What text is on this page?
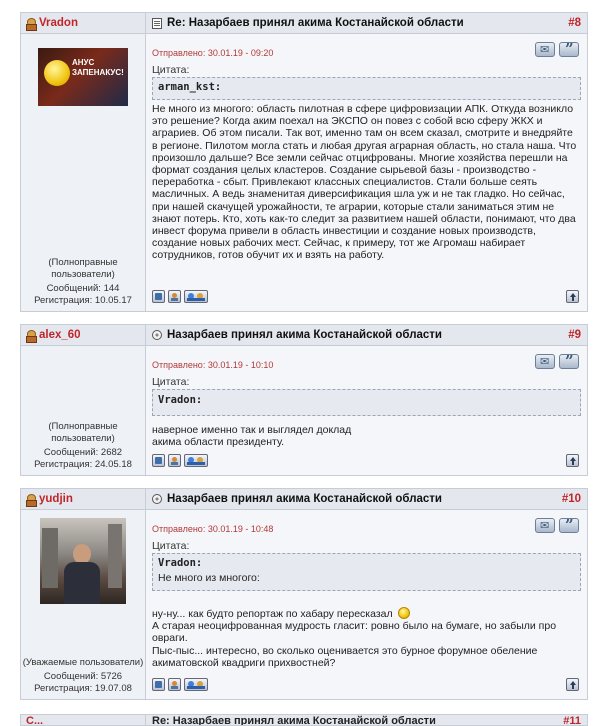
Vradon	Re: Назарбаев принял акима Костанайской области	#8
АНУС ЗАПЕНАКУС!
(Полноправные пользователи)
Сообщений: 144
Регистрация: 10.05.17
Отправлено: 30.01.19 - 09:20
✉
”
Цитата:
arman_kst:

Не много из многого: область пилотная в сфере цифровизации АПК. Откуда возникло это решение? Когда аким поехал на ЭКСПО он повез с собой всю сферу ЖКХ и аграриев. Об этом писали. Так вот, именно там он всем сказал, смотрите и внедряйте в регионе. Пилотом могла стать и любая другая аграрная область, но стала наша. Что произошло дальше? Все земли сейчас отцифрованы. Многие хозяйства перешли на формат создания целых кластеров. Создание сырьевой базы - производство - переработка - сбыт. Привлекают классных специалистов. Стали больше сеять масличных. А ведь знаменитая диверсификация шла уж и не так гладко. Но сейчас, при нашей скачущей урожайности, те аграрии, которые стали заниматься этим не знают потерь. Кто, хоть как-то следит за развитием нашей области, понимают, что два инвест форума привели в область инвестиции и создание новых производств, создание новых рабочих мест. Сейчас, к примеру, тот же Агромаш набирает сотрудников, готов обучит их и взять на работу.

alex_60	Назарбаев принял акима Костанайской области	#9
(Полноправные пользователи)
Сообщений: 2682
Регистрация: 24.05.18
Отправлено: 30.01.19 - 10:10
✉
”
Цитата:
Vradon:

наверное именно так и выглядел доклад акима области президенту.

yudjin	Назарбаев принял акима Костанайской области	#10
(Уважаемые пользователи)
Сообщений: 5726
Регистрация: 19.07.08
Отправлено: 30.01.19 - 10:48
✉
”
Цитата:
Vradon:
Не много из многого:

ну-ну... как будто репортаж по хабару пересказал

А старая неоцифрованная мудрость гласит: ровно было на бумаге, но забыли про овраги.

Пыс-пыс... интересно, во сколько оценивается это бурное форумное обеление акиматовской квадриги прихвостней?

С...	Re: Назарбаев принял акима Костанайской области	#11
